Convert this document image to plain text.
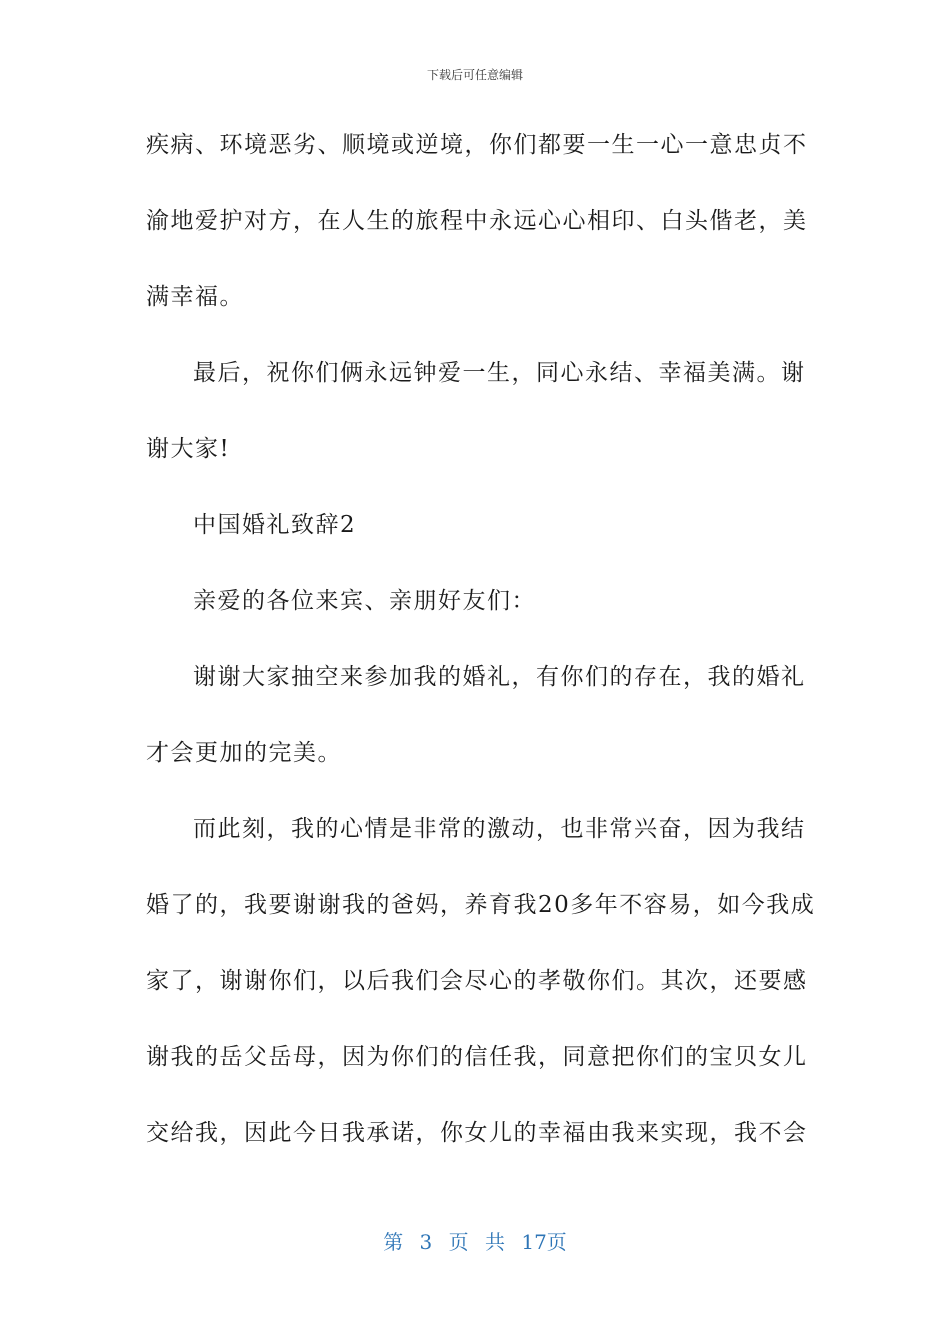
下载后可任意编辑
疾病、环境恶劣、顺境或逆境，你们都要一生一心一意忠贞不
渝地爱护对方，在人生的旅程中永远心心相印、白头偕老，美
满幸福。
最后，祝你们俩永远钟爱一生，同心永结、幸福美满。谢
谢大家!
中国婚礼致辞2
亲爱的各位来宾、亲朋好友们：
谢谢大家抽空来参加我的婚礼，有你们的存在，我的婚礼
才会更加的完美。
而此刻，我的心情是非常的激动，也非常兴奋，因为我结
婚了的，我要谢谢我的爸妈，养育我20多年不容易，如今我成
家了，谢谢你们，以后我们会尽心的孝敬你们。其次，还要感
谢我的岳父岳母，因为你们的信任我，同意把你们的宝贝女儿
交给我，因此今日我承诺，你女儿的幸福由我来实现，我不会
第 3 页 共 17页
